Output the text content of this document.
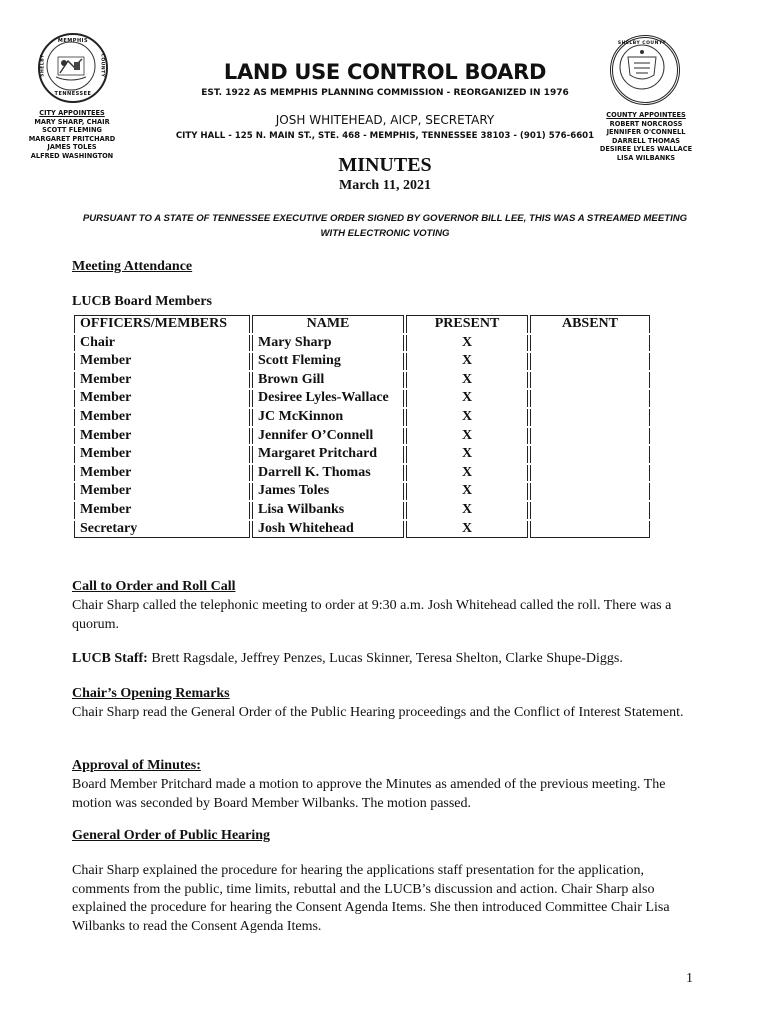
MEMPHIS
TENNESSEE
SHELBY	COUNTY
SHELBY COUNTY
LAND USE CONTROL BOARD
EST. 1922 AS MEMPHIS PLANNING COMMISSION - REORGANIZED IN 1976
JOSH WHITEHEAD, AICP, SECRETARY
CITY HALL - 125 N. MAIN ST., STE. 468 - MEMPHIS, TENNESSEE 38103 - (901) 576-6601
CITY APPOINTEES
MARY SHARP, CHAIR
SCOTT FLEMING
MARGARET PRITCHARD
JAMES TOLES
ALFRED WASHINGTON
COUNTY APPOINTEES
ROBERT NORCROSS
JENNIFER O'CONNELL
DARRELL THOMAS
DESIREE LYLES WALLACE
LISA WILBANKS
MINUTES
March 11, 2021
PURSUANT TO A STATE OF TENNESSEE EXECUTIVE ORDER SIGNED BY GOVERNOR BILL LEE, THIS WAS A STREAMED MEETING WITH ELECTRONIC VOTING
Meeting Attendance
LUCB Board Members
OFFICERS/MEMBERS	NAME	PRESENT	ABSENT
Chair	Mary Sharp	X	
Member	Scott Fleming	X	
Member	Brown Gill	X	
Member	Desiree Lyles-Wallace	X	
Member	JC McKinnon	X	
Member	Jennifer O’Connell	X	
Member	Margaret Pritchard	X	
Member	Darrell K. Thomas	X	
Member	James Toles	X	
Member	Lisa Wilbanks	X	
Secretary	Josh Whitehead	X	
Call to Order and Roll Call
Chair Sharp called the telephonic meeting to order at 9:30 a.m. Josh Whitehead called the roll. There was a quorum.
LUCB Staff: Brett Ragsdale, Jeffrey Penzes, Lucas Skinner, Teresa Shelton, Clarke Shupe-Diggs.
Chair’s Opening Remarks
Chair Sharp read the General Order of the Public Hearing proceedings and the Conflict of Interest Statement.
Approval of Minutes:
Board Member Pritchard made a motion to approve the Minutes as amended of the previous meeting. The motion was seconded by Board Member Wilbanks. The motion passed.
General Order of Public Hearing
Chair Sharp explained the procedure for hearing the applications staff presentation for the application, comments from the public, time limits, rebuttal and the LUCB’s discussion and action. Chair Sharp also explained the procedure for hearing the Consent Agenda Items. She then introduced Committee Chair Lisa Wilbanks to read the Consent Agenda Items.
1
